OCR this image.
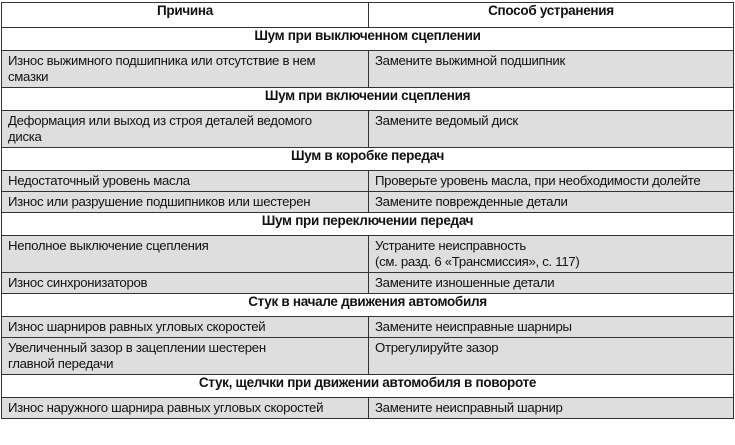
Причина	Способ устранения
Шум при выключенном сцеплении	

Износ выжимного подшипника или отсутствие в нем
смазки	Замените выжимной подшипник

Шум при включении сцепления	

Деформация или выход из строя деталей ведомого
диска	Замените ведомый диск

Шум в коробке передач	

Недостаточный уровень масла	Проверьте уровень масла, при необходимости долейте

Износ или разрушение подшипников или шестерен	Замените поврежденные детали

Шум при переключении передач	

Неполное выключение сцепления	Устраните неисправность
(см. разд. 6 «Трансмиссия», с. 117)

Износ синхронизаторов	Замените изношенные детали

Стук в начале движения автомобиля	

Износ шарниров равных угловых скоростей	Замените неисправные шарниры

Увеличенный зазор в зацеплении шестерен
главной передачи	Отрегулируйте зазор

Стук, щелчки при движении автомобиля в повороте	

Износ наружного шарнира равных угловых скоростей	Замените неисправный шарнир
